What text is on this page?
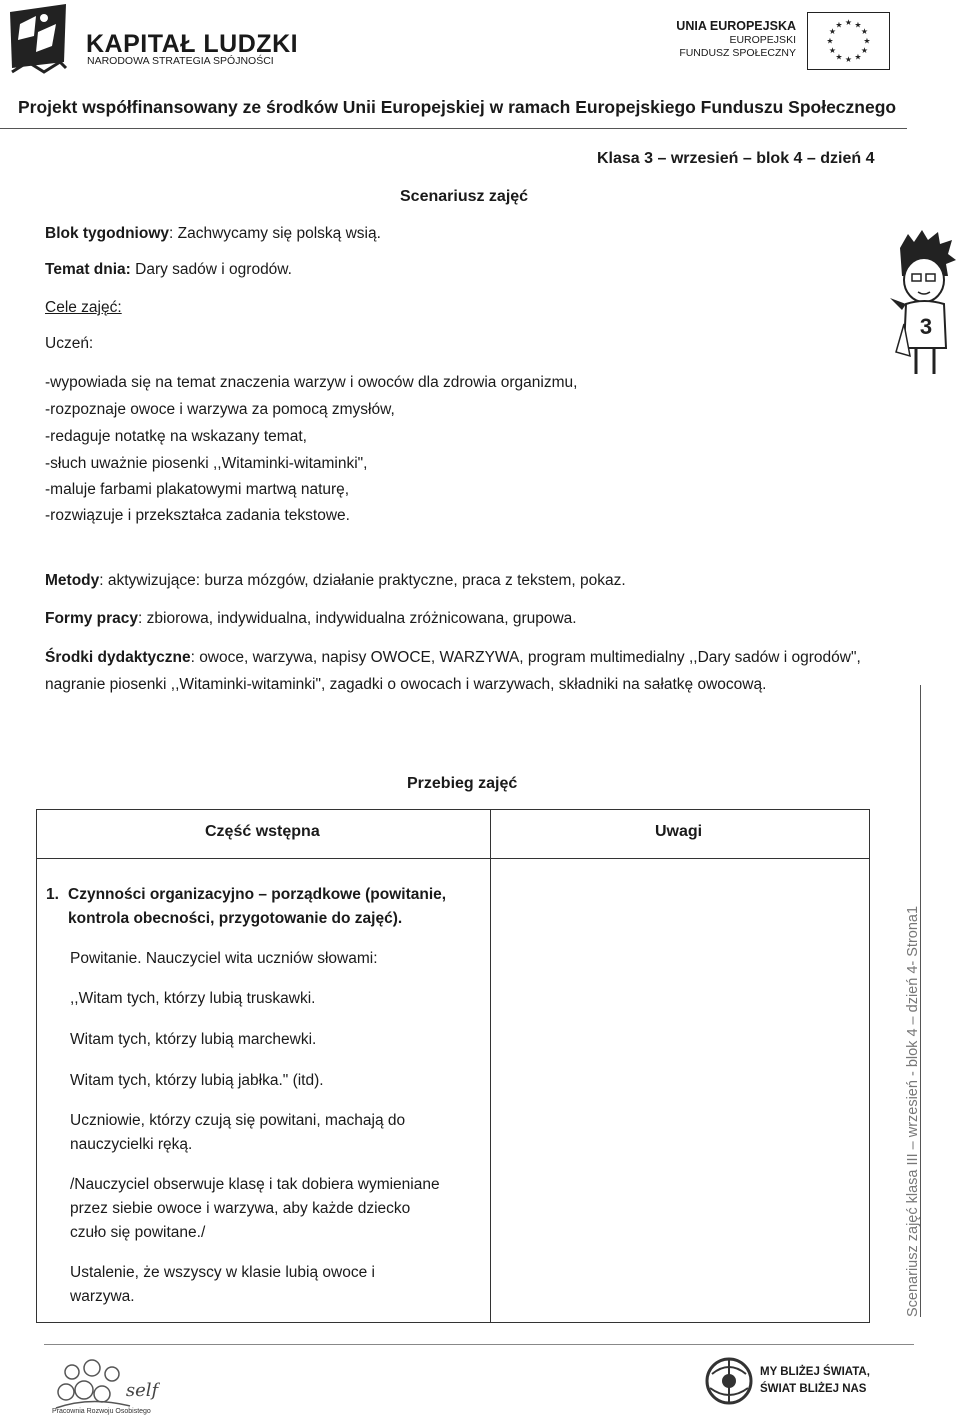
KAPITAŁ LUDZKI
NARODOWA STRATEGIA SPÓJNOŚCI
UNIA EUROPEJSKA
EUROPEJSKI
FUNDUSZ SPOŁECZNY
★ ★
★
★
★
★
★
★
★
★
★
★
Projekt współfinansowany ze środków Unii Europejskiej w ramach Europejskiego Funduszu Społecznego
Klasa 3 – wrzesień – blok 4 – dzień 4
Scenariusz zajęć
3
Blok tygodniowy: Zachwycamy się polską wsią.
Temat dnia: Dary sadów i ogrodów.
Cele zajęć:
Uczeń:
-wypowiada się na temat znaczenia warzyw i owoców dla zdrowia organizmu,
-rozpoznaje owoce i warzywa za pomocą zmysłów,
-redaguje notatkę na wskazany temat,
-słuch uważnie piosenki ,,Witaminki-witaminki",
-maluje farbami plakatowymi martwą naturę,
-rozwiązuje i przekształca zadania tekstowe.
Metody: aktywizujące: burza mózgów, działanie praktyczne, praca z tekstem, pokaz.
Formy pracy: zbiorowa, indywidualna, indywidualna zróżnicowana, grupowa.
Środki dydaktyczne: owoce, warzywa, napisy OWOCE, WARZYWA, program multimedialny ,,Dary sadów i ogrodów", nagranie piosenki ,,Witaminki-witaminki", zagadki o owocach i warzywach, składniki na sałatkę owocową.
Przebieg zajęć
Część wstępna	Uwagi
1. Czynności organizacyjno – porządkowe (powitanie, kontrola obecności, przygotowanie do zajęć).
Powitanie. Nauczyciel wita uczniów słowami:
,,Witam tych, którzy lubią truskawki.
Witam tych, którzy lubią marchewki.
Witam tych, którzy lubią jabłka." (itd).
Uczniowie, którzy czują się powitani, machają do nauczycielki ręką.
/Nauczyciel obserwuje klasę i tak dobiera wymieniane przez siebie owoce i warzywa, aby każde dziecko czuło się powitane./
Ustalenie, że wszyscy w klasie lubią owoce i warzywa.	Scenariusz zajęć klasa III – wrzesień - blok 4 – dzień 4- Strona1
self
Pracownia Rozwoju Osobistego
MY BLIŻEJ ŚWIATA,
ŚWIAT BLIŻEJ NAS
